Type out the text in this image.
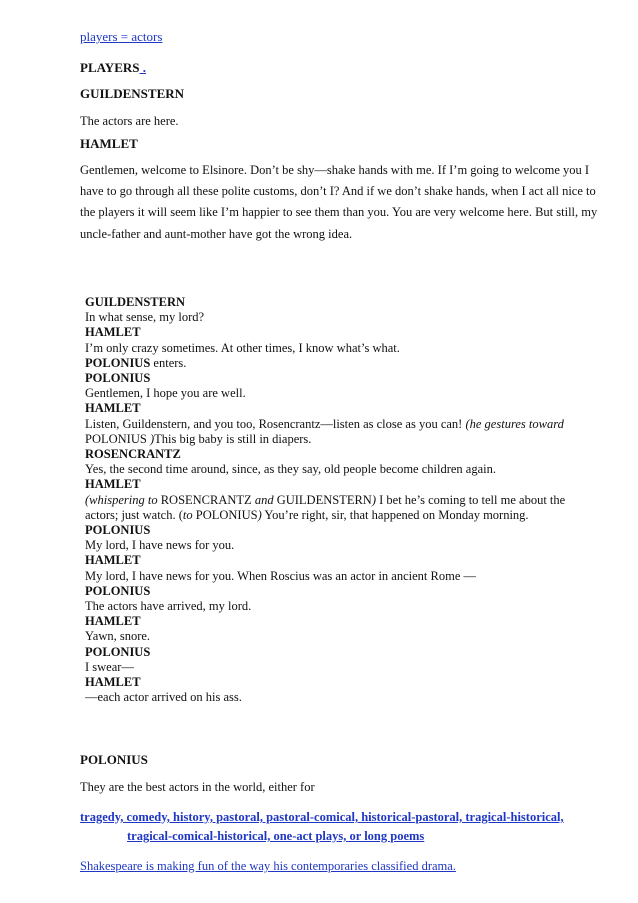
players = actors
PLAYERS .
GUILDENSTERN
The actors are here.
HAMLET
Gentlemen, welcome to Elsinore. Don’t be shy—shake hands with me. If I’m going to welcome you I have to go through all these polite customs, don’t I? And if we don’t shake hands, when I act all nice to the players it will seem like I’m happier to see them than you. You are very welcome here. But still, my uncle-father and aunt-mother have got the wrong idea.
GUILDENSTERN
In what sense, my lord?
HAMLET
I’m only crazy sometimes. At other times, I know what’s what.
POLONIUS enters.
POLONIUS
Gentlemen, I hope you are well.
HAMLET
Listen, Guildenstern, and you too, Rosencrantz—listen as close as you can! (he gestures toward
POLONIUS )This big baby is still in diapers.
ROSENCRANTZ
Yes, the second time around, since, as they say, old people become children again.
HAMLET
(whispering to ROSENCRANTZ and GUILDENSTERN) I bet he’s coming to tell me about the
actors; just watch. (to POLONIUS) You’re right, sir, that happened on Monday morning.
POLONIUS
My lord, I have news for you.
HAMLET
My lord, I have news for you. When Roscius was an actor in ancient Rome —
POLONIUS
The actors have arrived, my lord.
HAMLET
Yawn, snore.
POLONIUS
I swear—
HAMLET
—each actor arrived on his ass.
POLONIUS
They are the best actors in the world, either for
tragedy, comedy, history, pastoral, pastoral-comical, historical-pastoral, tragical-historical,
tragical-comical-historical, one-act plays, or long poems
Shakespeare is making fun of the way his contemporaries classified drama.
